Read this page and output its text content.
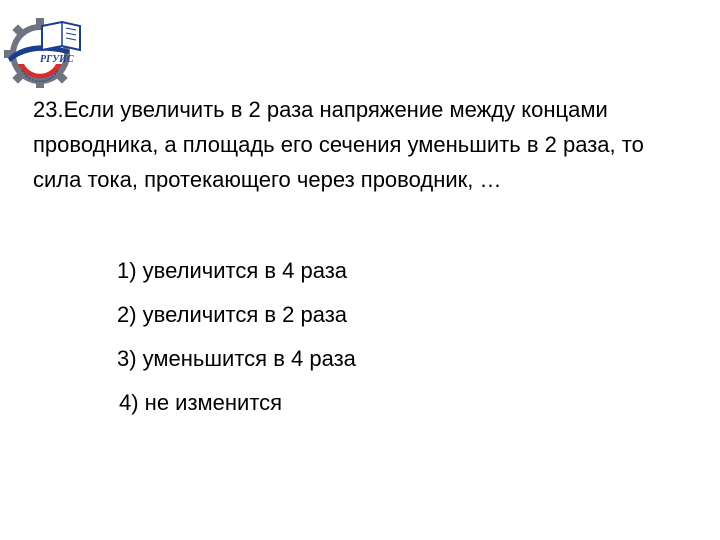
РГУИС

23.Если увеличить в 2 раза напряжение между концами проводника, а площадь его сечения уменьшить в 2 раза, то сила тока, протекающего через проводник, …

1) увеличится в 4 раза
2) увеличится в 2 раза
3) уменьшится в 4 раза
4) не изменится
